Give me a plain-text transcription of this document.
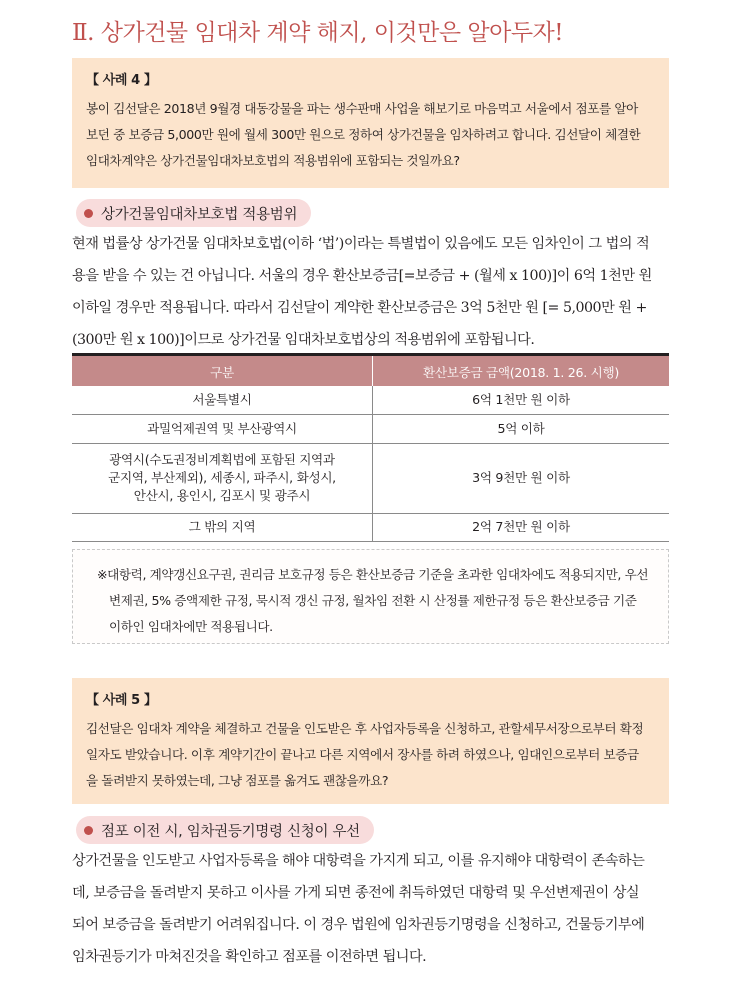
Ⅱ. 상가건물 임대차 계약 해지, 이것만은 알아두자!
【 사례 4 】
봉이 김선달은 2018년 9월경 대동강물을 파는 생수판매 사업을 해보기로 마음먹고 서울에서 점포를 알아
보던 중 보증금 5,000만 원에 월세 300만 원으로 정하여 상가건물을 임차하려고 합니다. 김선달이 체결한
임대차계약은 상가건물임대차보호법의 적용범위에 포함되는 것일까요?
상가건물임대차보호법 적용범위

현재 법률상 상가건물 임대차보호법(이하 ‘법’)이라는 특별법이 있음에도 모든 임차인이 그 법의 적

용을 받을 수 있는 건 아닙니다. 서울의 경우 환산보증금[=보증금 + (월세 x 100)]이 6억 1천만 원

이하일 경우만 적용됩니다. 따라서 김선달이 계약한 환산보증금은 3억 5천만 원 [= 5,000만 원 +

(300만 원 x 100)]이므로 상가건물 임대차보호법상의 적용범위에 포함됩니다.

구분	환산보증금 금액(2018. 1. 26. 시행)
서울특별시	6억 1천만 원 이하
과밀억제권역 및 부산광역시	5억 이하

광역시(수도권정비계획법에 포함된 지역과
군지역, 부산제외), 세종시, 파주시, 화성시,
안산시, 용인시, 김포시 및 광주시	3억 9천만 원 이하
그 밖의 지역	2억 7천만 원 이하

※대항력, 계약갱신요구권, 권리금 보호규정 등은 환산보증금 기준을 초과한 임대차에도 적용되지만, 우선

변제권, 5% 증액제한 규정, 묵시적 갱신 규정, 월차임 전환 시 산정률 제한규정 등은 환산보증금 기준

이하인 임대차에만 적용됩니다.

【 사례 5 】
김선달은 임대차 계약을 체결하고 건물을 인도받은 후 사업자등록을 신청하고, 관할세무서장으로부터 확정
일자도 받았습니다. 이후 계약기간이 끝나고 다른 지역에서 장사를 하려 하였으나, 임대인으로부터 보증금
을 돌려받지 못하였는데, 그냥 점포를 옮겨도 괜찮을까요?
점포 이전 시, 임차권등기명령 신청이 우선

상가건물을 인도받고 사업자등록을 해야 대항력을 가지게 되고, 이를 유지해야 대항력이 존속하는

데, 보증금을 돌려받지 못하고 이사를 가게 되면 종전에 취득하였던 대항력 및 우선변제권이 상실

되어 보증금을 돌려받기 어려워집니다. 이 경우 법원에 임차권등기명령을 신청하고, 건물등기부에

임차권등기가 마쳐진것을 확인하고 점포를 이전하면 됩니다.
